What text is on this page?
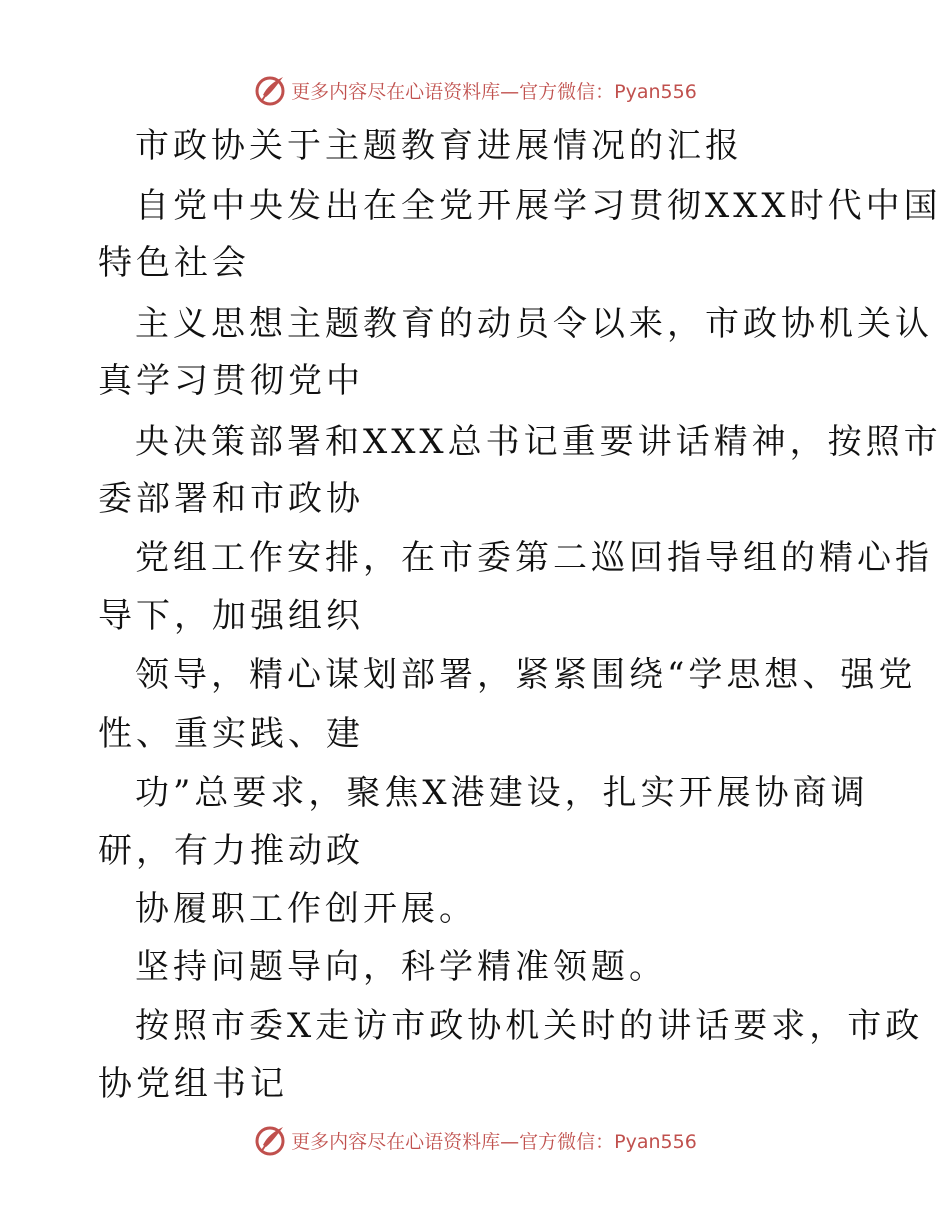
更多内容尽在心语资料库—官方微信：Pyan556
市政协关于主题教育进展情况的汇报
自党中央发出在全党开展学习贯彻XXX时代中国
特色社会
主义思想主题教育的动员令以来，市政协机关认
真学习贯彻党中
央决策部署和XXX总书记重要讲话精神，按照市
委部署和市政协
党组工作安排，在市委第二巡回指导组的精心指
导下，加强组织
领导，精心谋划部署，紧紧围绕“学思想、强党
性、重实践、建
功”总要求，聚焦X港建设，扎实开展协商调
研，有力推动政
协履职工作创开展。
坚持问题导向，科学精准领题。
按照市委X走访市政协机关时的讲话要求，市政
协党组书记
更多内容尽在心语资料库—官方微信：Pyan556
